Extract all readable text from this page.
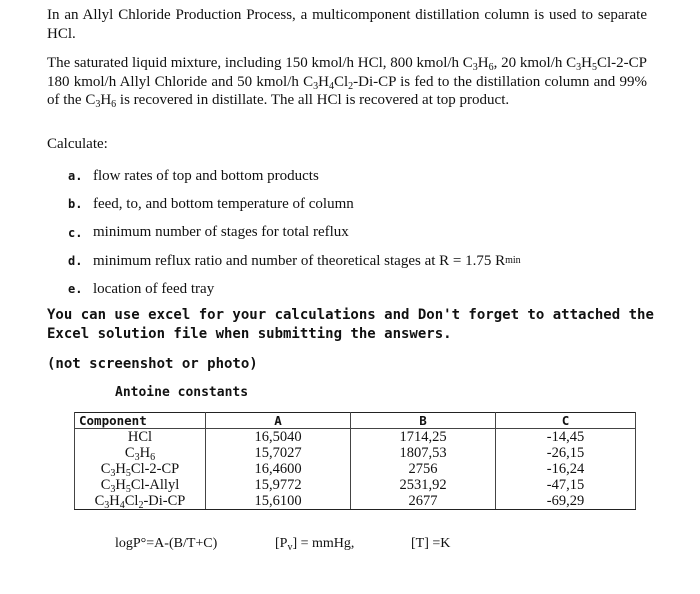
In an Allyl Chloride Production Process, a multicomponent distillation column is used to separate HCl.
The saturated liquid mixture, including 150 kmol/h HCl, 800 kmol/h $C_3H_6$, 20 kmol/h $C_3H_5Cl-2-CP$ 180 kmol/h Allyl Chloride and 50 kmol/h $C_3H_4Cl_2-Di-CP$ is fed to the distillation column and 99% of the $C_3H_6$ is recovered in distillate. The all HCl is recovered at top product.
Calculate:
a. flow rates of top and bottom products
b. feed, to, and bottom temperature of column
c. minimum number of stages for total reflux
d. minimum reflux ratio and number of theoretical stages at R = 1.75 R min
e. location of feed tray
You can use excel for your calculations and Don't forget to attached the Excel solution file when submitting the answers.
(not screenshot or photo)
Antoine constants
Component	A	B	C
HCl	16,5040	1714,25	-14,45
$C_3H_6$	15,7027	1807,53	-26,15
$C_3H_5Cl-2-CP$	16,4600	2756	-16,24
$C_3H_5Cl$-Allyl	15,9772	2531,92	-47,15
$C_3H_4Cl_2-Di-CP$	15,6100	2677	-69,29
logP°=A-(B/T+C)	$[P_v]$ = mmHg,	[T] =K
